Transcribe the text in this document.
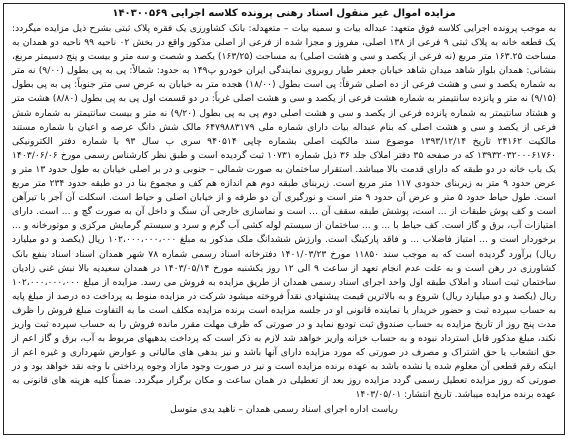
مزایده اموال غیر منقول اسناد رهنی پرونده کلاسه اجرایی ۱۴۰۳۰۰۵۶۹

به موجب پرونده اجرایی کلاسه فوق متعهد: عبداله بیات و سمیه بیات – متعهدله: بانک کشاورزی یک فقره پلاک ثبتی بشرح ذیل مزایده میگردد: یک قطعه خانه به پلاک ثبتی ۹ فرعی از ۱۳۸ اصلی، مفروز و مجزا شده از فرعی از اصلی مذکور واقع در بخش ۰۲ ناحیه ۹۹ ناحیه دو همدان به مساحت ۱۶۳.۲۵ متر مربع (نه فرعی از یکصد و سی و هشت اصلی) به مساحت (۱۶۳/۲۵) یکصد و شصت و سه متر و بیست و پنج دسیمتر مربع، بنشانی: همدان بلوار شاهد میدان شاهد خیابان جعفر طیار روبروی نمایندگی ایران خودرو پ۱۴۹ به حدود: شمالاً: پی به پی بطول (۹/۰۰) نه متر به شماره یکصد و سی و هشت فرعی از ده اصلی شرقاً: پی است بطول (۱۸/۰۰) هجده متر به خیابان به عرض سی متر جنوباً: پی به پی بطول (۹/۱۵) نه متر و پانزده سانتیمتر به شماره هشت فرعی از یکصد و سی و هشت اصلی غرباً: در دو قسمت اول پی به پی بطول (۸/۸۰) هشت متر و هشتاد سانتیمتر به شماره پانزده فرعی از یکصد و سی و هشت اصلی دوم پی به پی بطول (۹/۲۰) نه متر و بیست سانتیمتر به شماره شش فرعی از یکصد و سی و هشت اصلی که بنام عبداله بیات دارای شماره ملی ۶۴۷۹۸۸۳۱۷۹ مالک شش دانگ عرصه و اعیان با شماره مستند مالکیت ۲۴۱۶۲ تاریخ ۱۳۹۳/۱۲/۱۴ موضوع سند مالکیت اصلی بشماره چاپی ۹۴۰۵۱۴ سری ب سال ۹۳ با شماره دفتر الکترونیکی ۱۳۹۳۲۰۳۲۰۰۰۶۱۷۶۰ که در صفحه ۳۵ دفتر املاک جلد ۳۶ ذیل شماره ۱۰۷۳۱ ثبت گردیده است و طبق نظر کارشناس رسمی مورخ ۱۴۰۳/۰۶/۰۶ یک باب خانه در دو طبقه که دارای قدمت بالا میباشد. استقرار ساختمان به صورت شمالی – جنوبی و در بر اصلی خیابان به طول حدود ۱۳ متر و عرض حدود ۹ متر به زیربنای حدودی ۱۱۷ متر مربع است. زیربنای طبقه دوم هم اندازه هم کف و مجموع بنا در دو طبقه حدود ۲۳۴ متر مربع است. طول حیاط حدود ۵ متر و عرض آن حدود ۹ متر است و نورگیری آن دو طرفه و از خیابان اصلی و حیاط است. اسکلت آن آجر با تیرآهن است و کف پوش طبقات از ... است، پوشش طبقه سقف آن ... است و نماسازی خارجی آن سنگ و داخل آن به صورت گچ و ... است. دارای امتیازات آب، برق و گاز است. کف حیاط با ... و ... ساختمان از سیستم لوله کشی آب گرم و سرد و سیستم گرمایش مرکزی و موتورخانه و ... برخوردار است و ... امتیاز فاضلاب ... و فاقد پارکینگ است. وارزش ششدانگ ملک مذکور به مبلغ ۱۰۲،۰۰۰،۰۰۰،۰۰۰ ریال (یکصد و دو میلیارد ریال) برآورد گردیده است که به موجب سند ۱۱۸۵۰ مورخ ۱۴۰۱/۰۳/۲۳ دفترخانه اسناد رسمی شماره ۷۸ شهر همدان اسناد اسناد بنفع بانک کشاورزی در رهن است و به علت عدم انجام تعهد از ساعت ۹ الی ۱۲ روز یکشنبه مورخ ۱۴۰۳/۰۵/۱۴ در همدان سعیدیه بالا نبش غنی زادیان ساختمان ثبت اسناد و املاک طبقه اول واحد اجرای اسناد رسمی همدان از طریق مزایده به فروش می رسد. مزایده از مبلغ ۱۰۲،۰۰۰،۰۰۰،۰۰۰ ریال (یکصد و دو میلیارد ریال) شروع و به بالاترین قیمت پیشنهادی نقداً فروخته میشود شرکت در مزایده منوط به پرداخت ده درصد از مبلغ پایه به حساب سپرده ثبت و حضور خریدار یا نماینده قانونی او در جلسه مزایده است برنده مزایده مکلف است ما به التفاوت مبلغ فروش را ظرف مدت پنج روز از تاریخ مزایده به حساب صندوق ثبت تودیع نماید و در صورتی که ظرف مهلت مقرر مانده فروش را به حساب سپرده ثبت واریز نکند، مبلغ مذکور قابل استرداد نبوده و به حساب خزانه واریز خواهد شد لازم به ذکر است که پرداخت بدهیهای مربوط به آب، برق و گاز اعم از حق انشعاب یا حق اشتراک و مصرف در صورتی که مورد مزایده دارای آنها باشد و نیز بدهی های مالیاتی و عوارض شهرداری و غیره اعم از اینکه رقم قطعی آن معلوم شده یا نشده باشد به عهده برنده مزایده است و نیز در صورت وجود مازاد وجوه پرداختی با وجه نقد خواهد بود و در صورتی که روز مزایده تعطیل رسمی گردد مزایده روز بعد از تعطیلی در همان ساعت و مکان برگزار میگردد. ضمناً کلیه هزینه های قانونی به عهده برنده مزایده میباشد. تاریخ انتشار: ۱۴۰۳/۰۵/۰۱

رياست اداره اجرای اسناد رسمی همدان – ناهید یدی متوسل
